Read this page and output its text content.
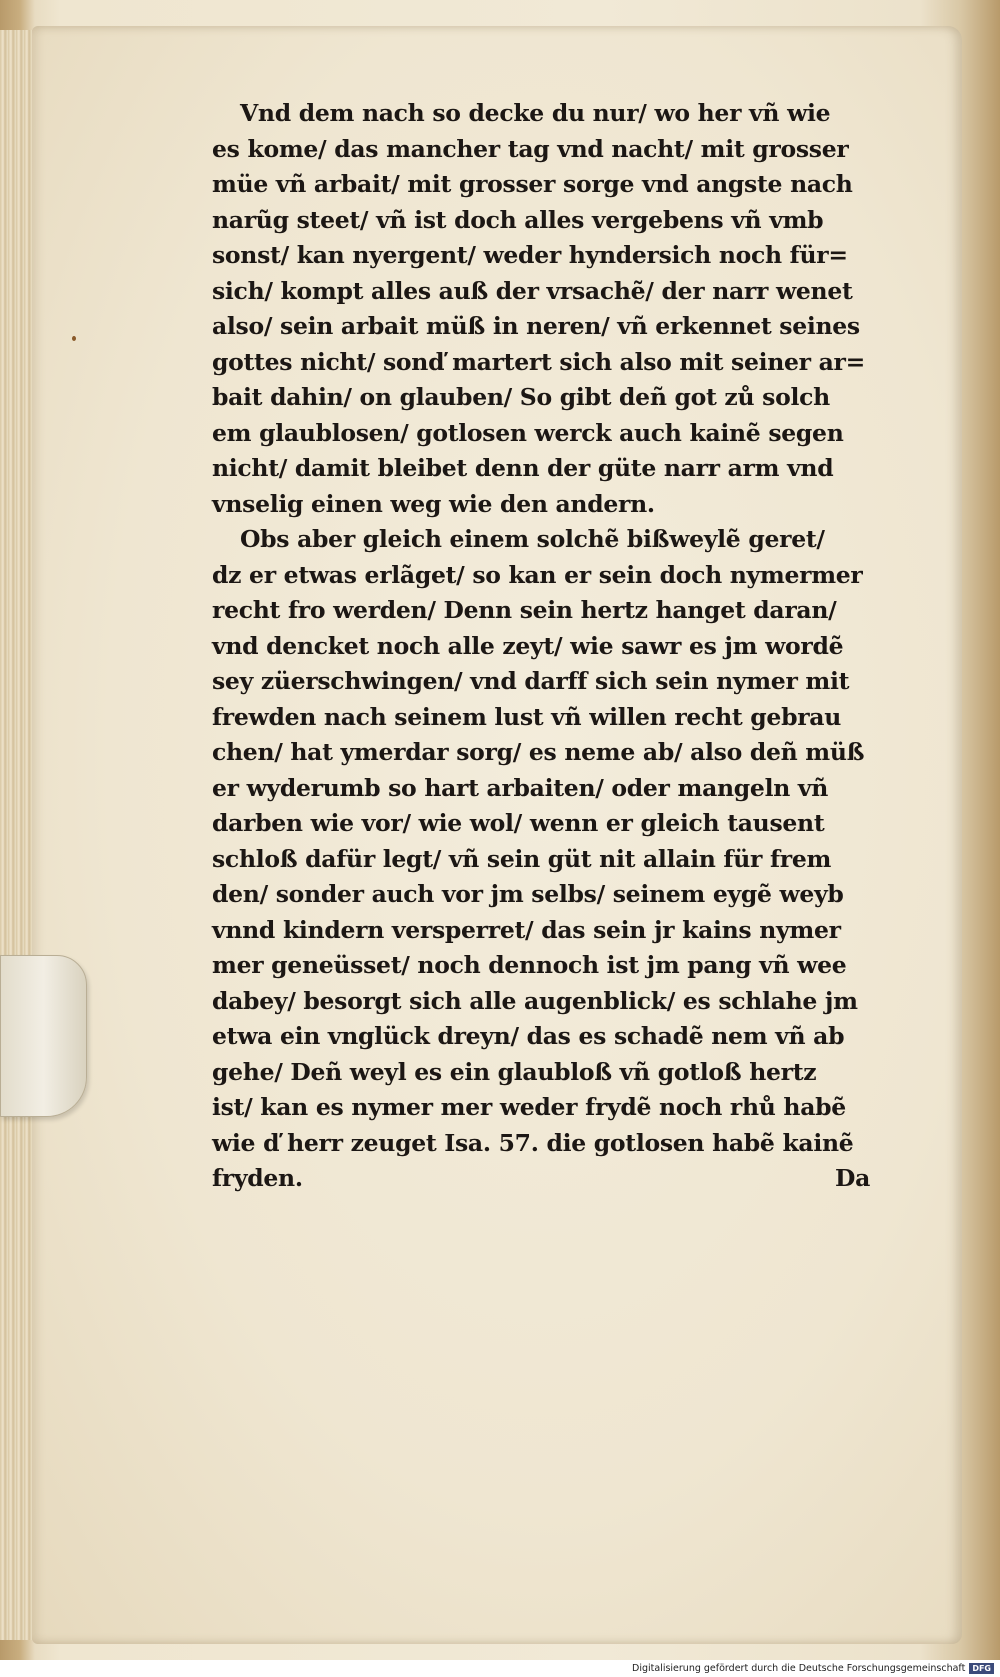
Vnd dem nach so decke du nur/ wo her vñ wie
es kome/ das mancher tag vnd nacht/ mit grosser
müe vñ arbait/ mit grosser sorge vnd angste nach
narũg steet/ vñ ist doch alles vergebens vñ vmb
sonst/ kan nyergent/ weder hyndersich noch für=
sich/ kompt alles auß der vrsachẽ/ der narr wenet
also/ sein arbait müß in neren/ vñ erkennet seines
gottes nicht/ sonď martert sich also mit seiner ar=
bait dahin/ on glauben/ So gibt deñ got zů solch
em glaublosen/ gotlosen werck auch kainẽ segen
nicht/ damit bleibet denn der güte narr arm vnd
vnselig einen weg wie den andern.
Obs aber gleich einem solchẽ bißweylẽ geret/
dz er etwas erlãget/ so kan er sein doch nymermer
recht fro werden/ Denn sein hertz hanget daran/
vnd dencket noch alle zeyt/ wie sawr es jm wordẽ
sey züerschwingen/ vnd darff sich sein nymer mit
frewden nach seinem lust vñ willen recht gebrau
chen/ hat ymerdar sorg/ es neme ab/ also deñ müß
er wyderumb so hart arbaiten/ oder mangeln vñ
darben wie vor/ wie wol/ wenn er gleich tausent
schloß dafür legt/ vñ sein güt nit allain für frem
den/ sonder auch vor jm selbs/ seinem eygẽ weyb
vnnd kindern versperret/ das sein jr kains nymer
mer geneüsset/ noch dennoch ist jm pang vñ wee
dabey/ besorgt sich alle augenblick/ es schlahe jm
etwa ein vnglück dreyn/ das es schadẽ nem vñ ab
gehe/ Deñ weyl es ein glaubloß vñ gotloß hertz
ist/ kan es nymer mer weder frydẽ noch rhů habẽ
wie ď herr zeuget Isa. 57. die gotlosen habẽ kainẽ
fryden.	Da
Digitalisierung gefördert durch die Deutsche Forschungsgemeinschaft DFG
